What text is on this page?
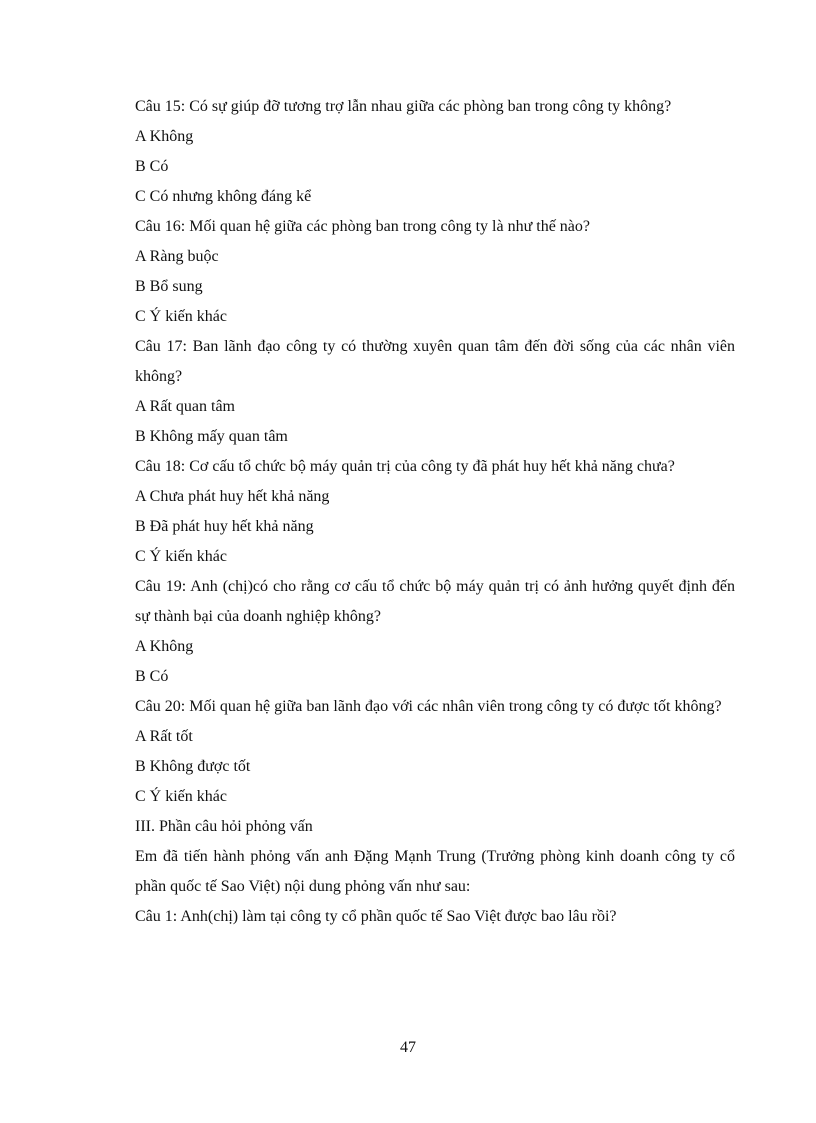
Câu 15: Có sự giúp đỡ tương trợ lẫn nhau giữa các phòng ban trong công ty không?
A Không
B Có
C Có nhưng không đáng kể
Câu 16: Mối quan hệ giữa các phòng ban trong công ty là như thế nào?
A Ràng buộc
B Bổ sung
C Ý kiến khác
Câu 17: Ban lãnh đạo công ty có thường xuyên quan tâm đến đời sống của các nhân viên không?
A Rất quan tâm
B Không mấy quan tâm
Câu 18: Cơ cấu tổ chức bộ máy quản trị của công ty đã phát huy hết khả năng chưa?
A Chưa phát huy hết khả năng
B Đã phát huy hết khả năng
C Ý kiến khác
Câu 19: Anh (chị)có cho rằng cơ cấu tổ chức bộ máy quản trị có ảnh hưởng quyết định đến sự thành bại của doanh nghiệp không?
A Không
B Có
Câu 20: Mối quan hệ giữa ban lãnh đạo với các nhân viên trong công ty có được tốt không?
A Rất tốt
B Không được tốt
C Ý kiến khác
III. Phần câu hỏi phỏng vấn
Em đã tiến hành phỏng vấn anh Đặng Mạnh Trung (Trưởng phòng kinh doanh công ty cổ phần quốc tế Sao Việt) nội dung phỏng vấn như sau:
Câu 1: Anh(chị) làm tại công ty cổ phần quốc tế Sao Việt được bao lâu rồi?
47
